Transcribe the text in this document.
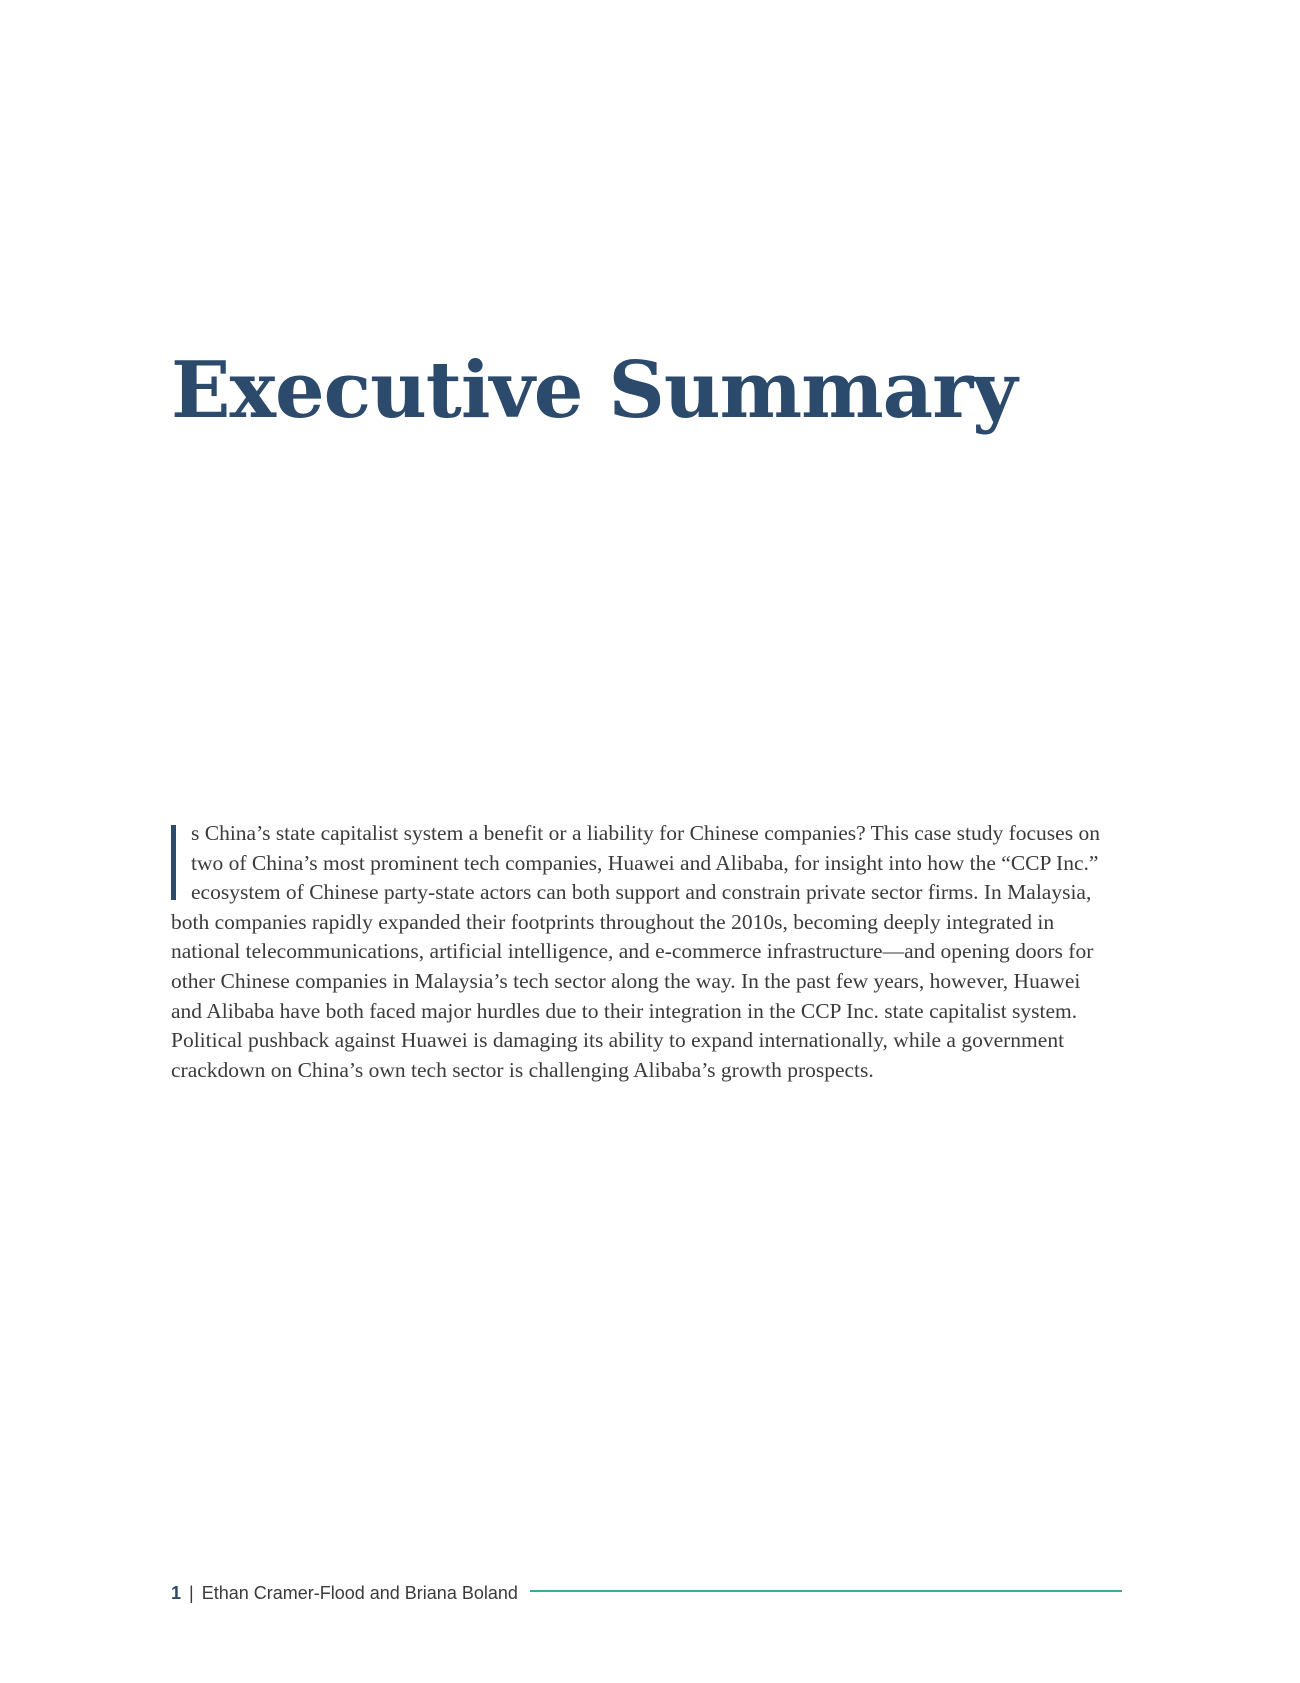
Executive Summary

s China’s state capitalist system a benefit or a liability for Chinese companies? This case study focuses on two of China’s most prominent tech companies, Huawei and Alibaba, for insight into how the “CCP Inc.” ecosystem of Chinese party-state actors can both support and constrain private sector firms. In Malaysia, both companies rapidly expanded their footprints throughout the 2010s, becoming deeply integrated in national telecommunications, artificial intelligence, and e-commerce infrastructure—and opening doors for other Chinese companies in Malaysia’s tech sector along the way. In the past few years, however, Huawei and Alibaba have both faced major hurdles due to their integration in the CCP Inc. state capitalist system. Political pushback against Huawei is damaging its ability to expand internationally, while a government crackdown on China’s own tech sector is challenging Alibaba’s growth prospects.

1 | Ethan Cramer-Flood and Briana Boland
